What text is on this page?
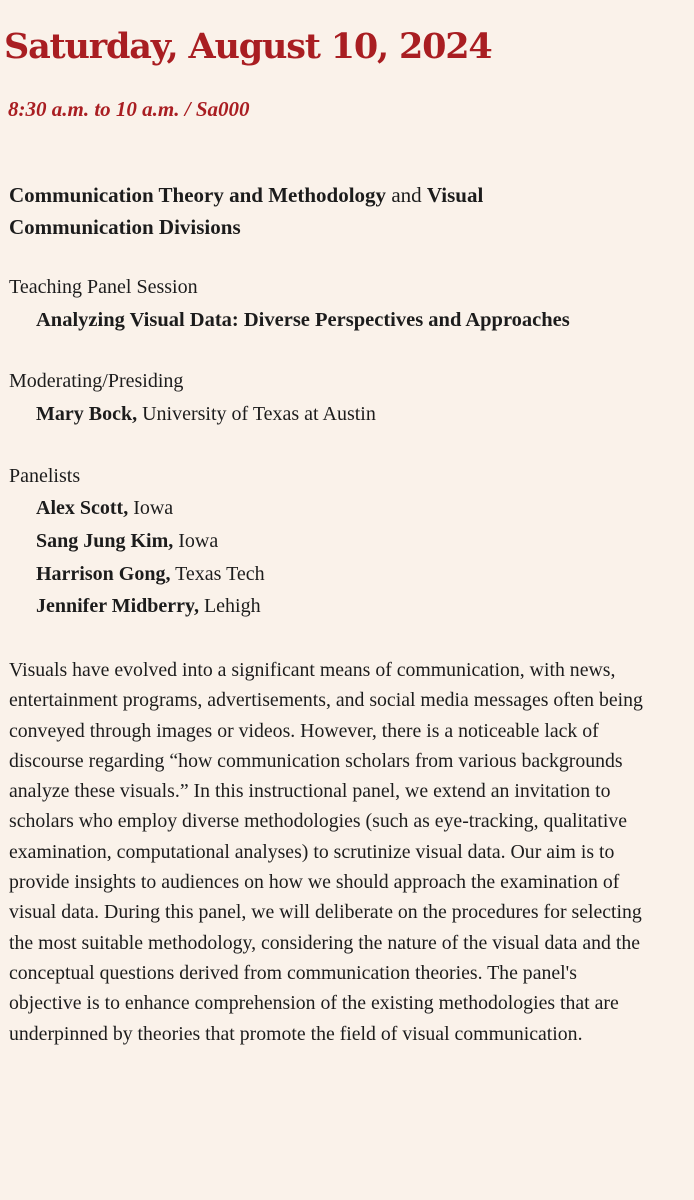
Saturday, August 10, 2024
8:30 a.m. to 10 a.m. / Sa000
Communication Theory and Methodology and Visual Communication Divisions
Teaching Panel Session
Analyzing Visual Data: Diverse Perspectives and Approaches
Moderating/Presiding
Mary Bock, University of Texas at Austin
Panelists
Alex Scott, Iowa
Sang Jung Kim, Iowa
Harrison Gong, Texas Tech
Jennifer Midberry, Lehigh

Visuals have evolved into a significant means of communication, with news, entertainment programs, advertisements, and social media messages often being conveyed through images or videos. However, there is a noticeable lack of discourse regarding “how communication scholars from various backgrounds analyze these visuals.” In this instructional panel, we extend an invitation to scholars who employ diverse methodologies (such as eye-tracking, qualitative examination, computational analyses) to scrutinize visual data. Our aim is to provide insights to audiences on how we should approach the examination of visual data. During this panel, we will deliberate on the procedures for selecting the most suitable methodology, considering the nature of the visual data and the conceptual questions derived from communication theories. The panel's objective is to enhance comprehension of the existing methodologies that are underpinned by theories that promote the field of visual communication.
